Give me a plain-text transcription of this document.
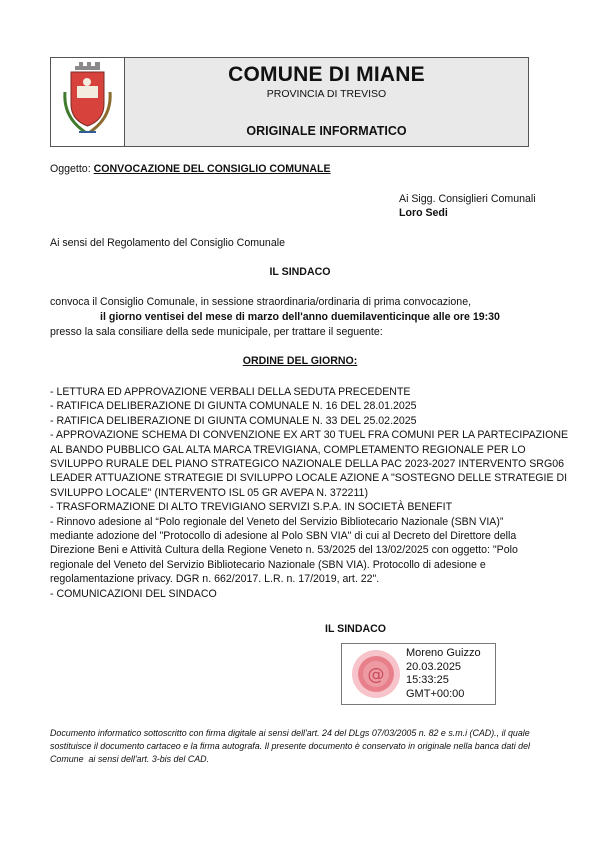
COMUNE DI MIANE
PROVINCIA DI TREVISO
ORIGINALE INFORMATICO
Oggetto: CONVOCAZIONE DEL CONSIGLIO COMUNALE
Ai Sigg. Consiglieri Comunali
Loro Sedi
Ai sensi del Regolamento del Consiglio Comunale
IL SINDACO
convoca il Consiglio Comunale, in sessione straordinaria/ordinaria di prima convocazione,
il giorno ventisei del mese di marzo dell'anno duemilaventicinque alle ore 19:30
presso la sala consiliare della sede municipale, per trattare il seguente:
ORDINE DEL GIORNO:
- LETTURA ED APPROVAZIONE VERBALI DELLA SEDUTA PRECEDENTE
- RATIFICA DELIBERAZIONE DI GIUNTA COMUNALE N. 16 DEL 28.01.2025
- RATIFICA DELIBERAZIONE DI GIUNTA COMUNALE N. 33 DEL 25.02.2025
- APPROVAZIONE SCHEMA DI CONVENZIONE EX ART 30 TUEL FRA COMUNI PER LA PARTECIPAZIONE
AL BANDO PUBBLICO GAL ALTA MARCA TREVIGIANA, COMPLETAMENTO REGIONALE PER LO
SVILUPPO RURALE DEL PIANO STRATEGICO NAZIONALE DELLA PAC 2023-2027 INTERVENTO SRG06
LEADER ATTUAZIONE STRATEGIE DI SVILUPPO LOCALE AZIONE A "SOSTEGNO DELLE STRATEGIE DI
SVILUPPO LOCALE" (INTERVENTO ISL 05 GR AVEPA N. 372211)
- TRASFORMAZIONE DI ALTO TREVIGIANO SERVIZI S.P.A. IN SOCIETÀ BENEFIT
- Rinnovo adesione al “Polo regionale del Veneto del Servizio Bibliotecario Nazionale (SBN VIA)”
mediante adozione del "Protocollo di adesione al Polo SBN VIA" di cui al Decreto del Direttore della
Direzione Beni e Attività Cultura della Regione Veneto n. 53/2025 del 13/02/2025 con oggetto: "Polo
regionale del Veneto del Servizio Bibliotecario Nazionale (SBN VIA). Protocollo di adesione e
regolamentazione privacy. DGR n. 662/2017. L.R. n. 17/2019, art. 22".
- COMUNICAZIONI DEL SINDACO
IL SINDACO
@
Moreno Guizzo
20.03.2025
15:33:25
GMT+00:00
Documento informatico sottoscritto con firma digitale ai sensi dell'art. 24 del DLgs 07/03/2005 n. 82 e s.m.i (CAD)., il quale
sostituisce il documento cartaceo e la firma autografa. Il presente documento è conservato in originale nella banca dati del
Comune  ai sensi dell'art. 3-bis del CAD.
